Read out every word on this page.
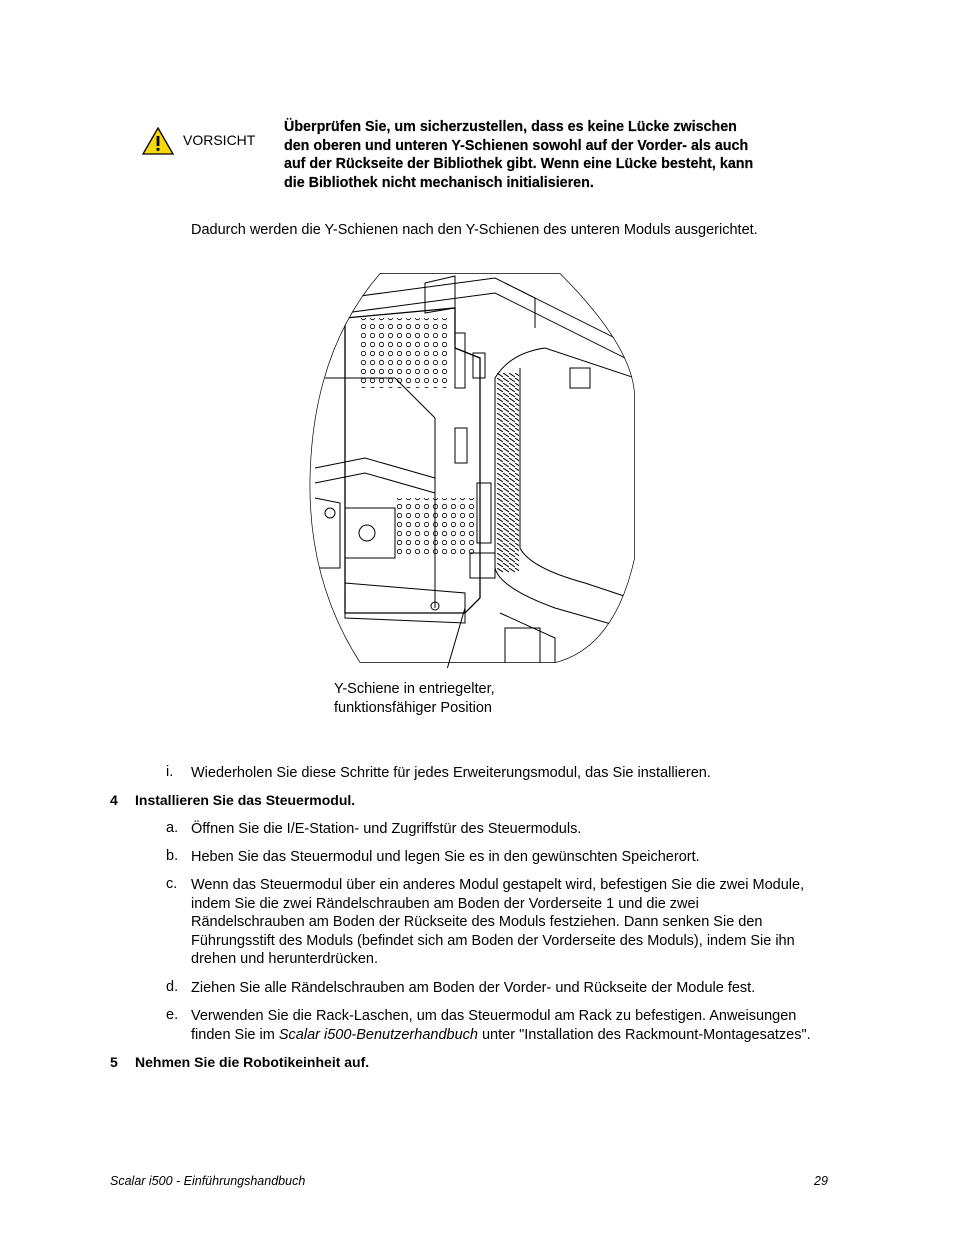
VORSICHT
Überprüfen Sie, um sicherzustellen, dass es keine Lücke zwischen
den oberen und unteren Y-Schienen sowohl auf der Vorder- als auch
auf der Rückseite der Bibliothek gibt. Wenn eine Lücke besteht, kann
die Bibliothek nicht mechanisch initialisieren.
Dadurch werden die Y-Schienen nach den Y-Schienen des unteren Moduls ausgerichtet.
Y-Schiene in entriegelter,
funktionsfähiger Position
i. Wiederholen Sie diese Schritte für jedes Erweiterungsmodul, das Sie installieren.
4 Installieren Sie das Steuermodul.
a. Öffnen Sie die I/E-Station- und Zugriffstür des Steuermoduls.
b. Heben Sie das Steuermodul und legen Sie es in den gewünschten Speicherort.
c. Wenn das Steuermodul über ein anderes Modul gestapelt wird, befestigen Sie die zwei Module,
indem Sie die zwei Rändelschrauben am Boden der Vorderseite 1 und die zwei
Rändelschrauben am Boden der Rückseite des Moduls festziehen. Dann senken Sie den
Führungsstift des Moduls (befindet sich am Boden der Vorderseite des Moduls), indem Sie ihn
drehen und herunterdrücken.
d. Ziehen Sie alle Rändelschrauben am Boden der Vorder- und Rückseite der Module fest.
e. Verwenden Sie die Rack-Laschen, um das Steuermodul am Rack zu befestigen. Anweisungen
finden Sie im Scalar i500-Benutzerhandbuch unter "Installation des Rackmount-Montagesatzes".
5 Nehmen Sie die Robotikeinheit auf.
Scalar i500 - Einführungshandbuch	29
